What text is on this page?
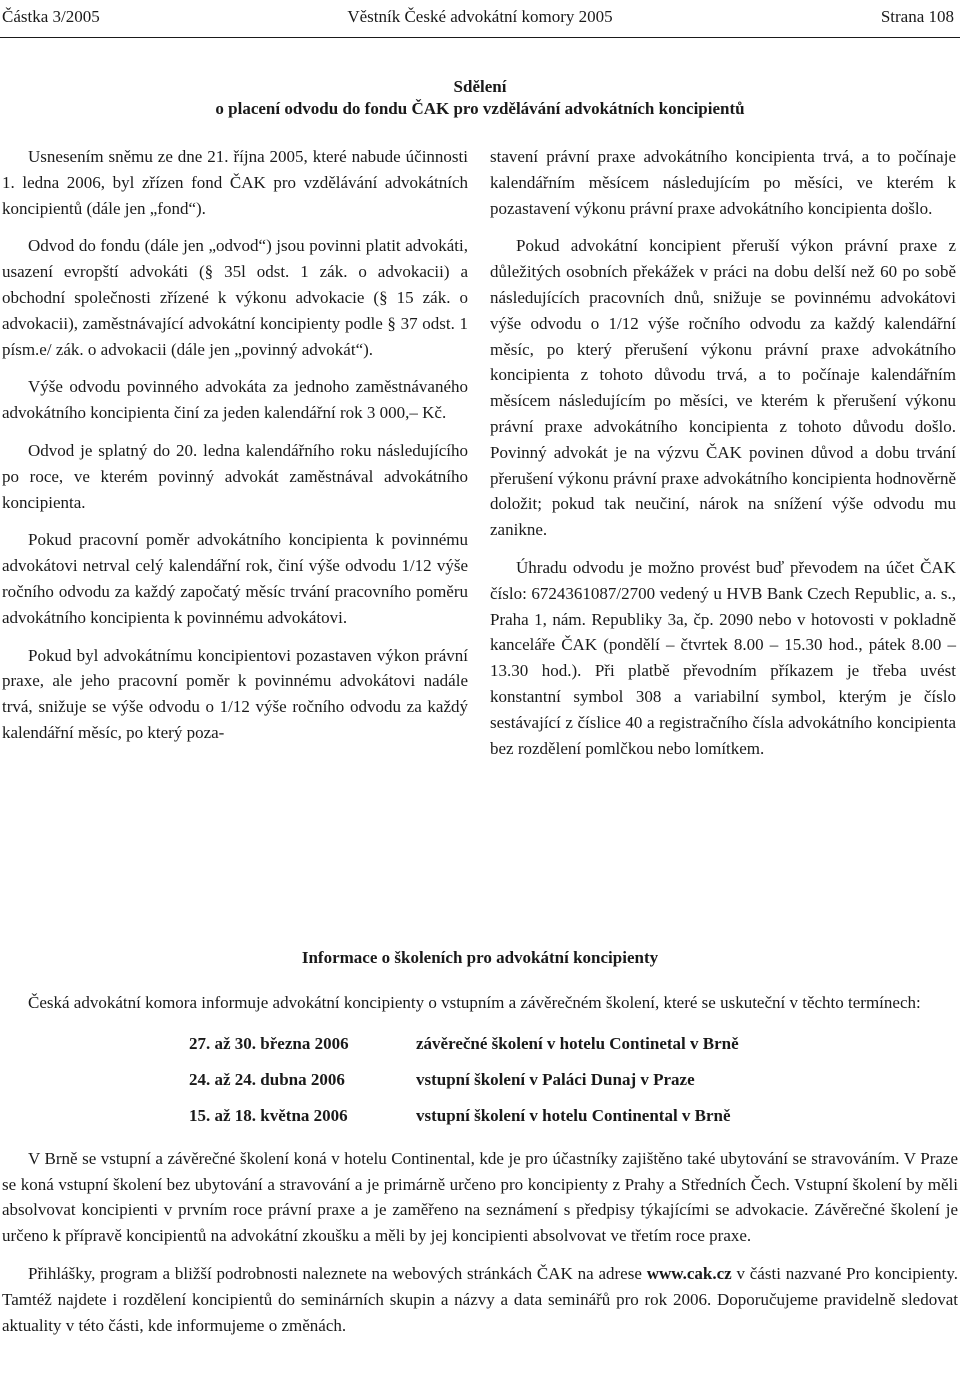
Částka 3/2005	Věstník České advokátní komory 2005	Strana 108
Sdělení
o placení odvodu do fondu ČAK pro vzdělávání advokátních koncipientů

Usnesením sněmu ze dne 21. října 2005, které nabude účinnosti 1. ledna 2006, byl zřízen fond ČAK pro vzdělávání advokátních koncipientů (dále jen „fond“).

Odvod do fondu (dále jen „odvod“) jsou povinni platit advokáti, usazení evropští advokáti (§ 35l odst. 1 zák. o advokacii) a obchodní společnosti zřízené k výkonu advokacie (§ 15 zák. o advokacii), zaměstnávající advokátní koncipienty podle § 37 odst. 1 písm.e/ zák. o advokacii (dále jen „povinný advokát“).

Výše odvodu povinného advokáta za jednoho zaměstnávaného advokátního koncipienta činí za jeden kalendářní rok 3 000,– Kč.

Odvod je splatný do 20. ledna kalendářního roku následujícího po roce, ve kterém povinný advokát zaměstnával advokátního koncipienta.

Pokud pracovní poměr advokátního koncipienta k povinnému advokátovi netrval celý kalendářní rok, činí výše odvodu 1/12 výše ročního odvodu za každý započatý měsíc trvání pracovního poměru advokátního koncipienta k povinnému advokátovi.

Pokud byl advokátnímu koncipientovi pozastaven výkon právní praxe, ale jeho pracovní poměr k povinnému advokátovi nadále trvá, snižuje se výše odvodu o 1/12 výše ročního odvodu za každý kalendářní měsíc, po který poza-

stavení právní praxe advokátního koncipienta trvá, a to počínaje kalendářním měsícem následujícím po měsíci, ve kterém k pozastavení výkonu právní praxe advokátního koncipienta došlo.

Pokud advokátní koncipient přeruší výkon právní praxe z důležitých osobních překážek v práci na dobu delší než 60 po sobě následujících pracovních dnů, snižuje se povinnému advokátovi výše odvodu o 1/12 výše ročního odvodu za každý kalendářní měsíc, po který přerušení výkonu právní praxe advokátního koncipienta z tohoto důvodu trvá, a to počínaje kalendářním měsícem následujícím po měsíci, ve kterém k přerušení výkonu právní praxe advokátního koncipienta z tohoto důvodu došlo. Povinný advokát je na výzvu ČAK povinen důvod a dobu trvání přerušení výkonu právní praxe advokátního koncipienta hodnověrně doložit; pokud tak neučiní, nárok na snížení výše odvodu mu zanikne.

Úhradu odvodu je možno provést buď převodem na účet ČAK číslo: 6724361087/2700 vedený u HVB Bank Czech Republic, a. s., Praha 1, nám. Republiky 3a, čp. 2090 nebo v hotovosti v pokladně kanceláře ČAK (pondělí – čtvrtek 8.00 – 15.30 hod., pátek 8.00 – 13.30 hod.). Při platbě převodním příkazem je třeba uvést konstantní symbol 308 a variabilní symbol, kterým je číslo sestávající z číslice 40 a registračního čísla advokátního koncipienta bez rozdělení pomlčkou nebo lomítkem.

Informace o školeních pro advokátní koncipienty

Česká advokátní komora informuje advokátní koncipienty o vstupním a závěrečném školení, které se uskuteční v těchto termínech:

27. až 30. března 2006	závěrečné školení v hotelu Continetal v Brně
24. až 24. dubna 2006	vstupní školení v Paláci Dunaj v Praze
15. až 18. května 2006	vstupní školení v hotelu Continental v Brně

V Brně se vstupní a závěrečné školení koná v hotelu Continental, kde je pro účastníky zajištěno také ubytování se stravováním. V Praze se koná vstupní školení bez ubytování a stravování a je primárně určeno pro koncipienty z Prahy a Středních Čech. Vstupní školení by měli absolvovat koncipienti v prvním roce právní praxe a je zaměřeno na seznámení s předpisy týkajícími se advokacie. Závěrečné školení je určeno k přípravě koncipientů na advokátní zkoušku a měli by jej koncipienti absolvovat ve třetím roce praxe.

Přihlášky, program a bližší podrobnosti naleznete na webových stránkách ČAK na adrese www.cak.cz v části nazvané Pro koncipienty. Tamtéž najdete i rozdělení koncipientů do seminárních skupin a názvy a data seminářů pro rok 2006. Doporučujeme pravidelně sledovat aktuality v této části, kde informujeme o změnách.
